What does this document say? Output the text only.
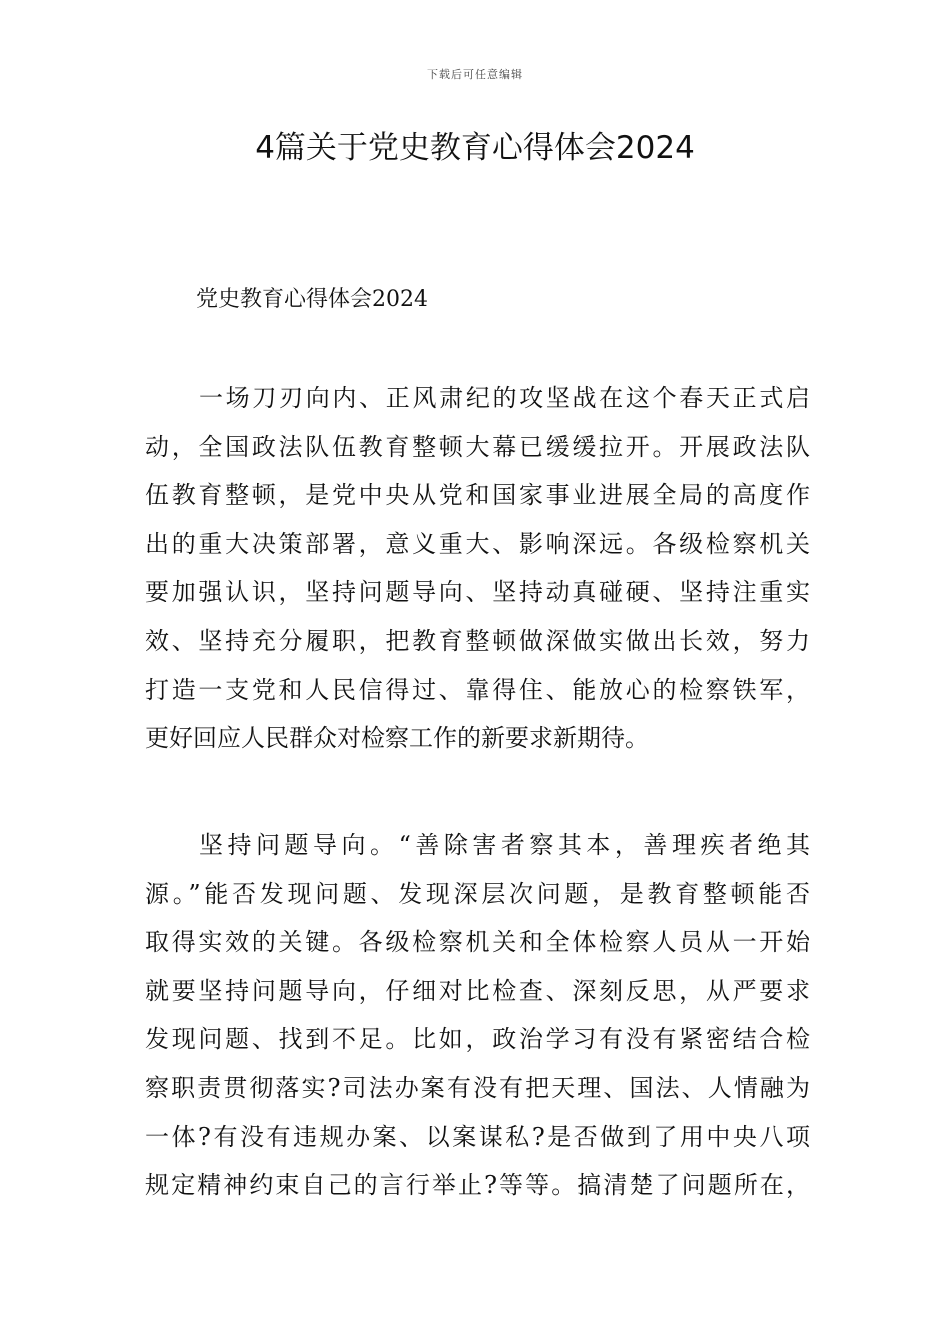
下载后可任意编辑
4篇关于党史教育心得体会2024
党史教育心得体会2024
一场刀刃向内、正风肃纪的攻坚战在这个春天正式启
动，全国政法队伍教育整顿大幕已缓缓拉开。开展政法队
伍教育整顿，是党中央从党和国家事业进展全局的高度作
出的重大决策部署，意义重大、影响深远。各级检察机关
要加强认识，坚持问题导向、坚持动真碰硬、坚持注重实
效、坚持充分履职，把教育整顿做深做实做出长效，努力
打造一支党和人民信得过、靠得住、能放心的检察铁军，
更好回应人民群众对检察工作的新要求新期待。
坚持问题导向。“善除害者察其本，善理疾者绝其
源。”能否发现问题、发现深层次问题，是教育整顿能否
取得实效的关键。各级检察机关和全体检察人员从一开始
就要坚持问题导向，仔细对比检查、深刻反思，从严要求
发现问题、找到不足。比如，政治学习有没有紧密结合检
察职责贯彻落实?司法办案有没有把天理、国法、人情融为
一体?有没有违规办案、以案谋私?是否做到了用中央八项
规定精神约束自己的言行举止?等等。搞清楚了问题所在，
